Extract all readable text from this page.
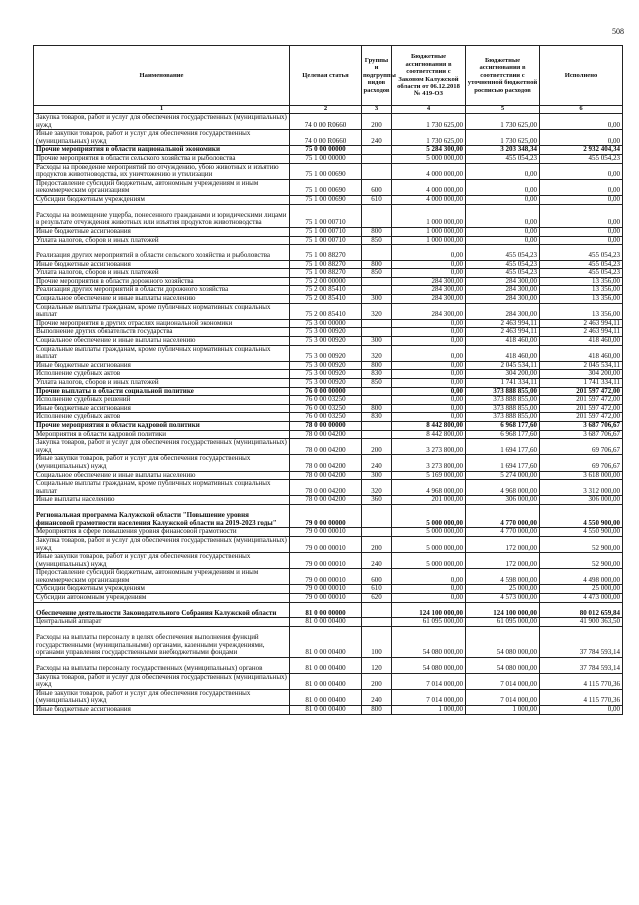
508
Наименование	Целевая статья	Группы и подгруппы видов расходов	Бюджетные ассигнования в соответствии с Законом Калужской области от 06.12.2018 № 419-ОЗ	Бюджетные ассигнования в соответствии с уточненной бюджетной росписью расходов	Исполнено
1	2	3	4	5	6
Закупка товаров, работ и услуг для обеспечения государственных (муниципальных) нужд	74 0 00 R0660	200	1 730 625,00	1 730 625,00	0,00
Иные закупки товаров, работ и услуг для обеспечения государственных (муниципальных) нужд	74 0 00 R0660	240	1 730 625,00	1 730 625,00	0,00
Прочие мероприятия в области национальной экономики	75 0 00 00000		5 284 300,00	3 203 348,34	2 932 404,34
Прочие мероприятия в области сельского хозяйства и рыболовства	75 1 00 00000		5 000 000,00	455 054,23	455 054,23
Расходы на проведение мероприятий по отчуждению, убою животных и изъятию продуктов животноводства, их уничтожению и утилизации	75 1 00 00690		4 000 000,00	0,00	0,00
Предоставление субсидий бюджетным, автономным учреждениям и иным некоммерческим организациям	75 1 00 00690	600	4 000 000,00	0,00	0,00
Субсидии бюджетным учреждениям	75 1 00 00690	610	4 000 000,00	0,00	0,00
Расходы на возмещение ущерба, понесенного гражданами и юридическими лицами в результате отчуждения животных или изъятия продуктов животноводства	75 1 00 00710		1 000 000,00	0,00	0,00
Иные бюджетные ассигнования	75 1 00 00710	800	1 000 000,00	0,00	0,00
Уплата налогов, сборов и иных платежей	75 1 00 00710	850	1 000 000,00	0,00	0,00
Реализация других мероприятий в области сельского хозяйства и рыболовства	75 1 00 88270		0,00	455 054,23	455 054,23
Иные бюджетные ассигнования	75 1 00 88270	800	0,00	455 054,23	455 054,23
Уплата налогов, сборов и иных платежей	75 1 00 88270	850	0,00	455 054,23	455 054,23
Прочие мероприятия в области дорожного хозяйства	75 2 00 00000		284 300,00	284 300,00	13 356,00
Реализация других мероприятий в области дорожного хозяйства	75 2 00 85410		284 300,00	284 300,00	13 356,00
Социальное обеспечение и иные выплаты населению	75 2 00 85410	300	284 300,00	284 300,00	13 356,00
Социальные выплаты гражданам, кроме публичных нормативных социальных выплат	75 2 00 85410	320	284 300,00	284 300,00	13 356,00
Прочие мероприятия в других отраслях национальной экономики	75 3 00 00000		0,00	2 463 994,11	2 463 994,11
Выполнение других обязательств государства	75 3 00 00920		0,00	2 463 994,11	2 463 994,11
Социальное обеспечение и иные выплаты населению	75 3 00 00920	300	0,00	418 460,00	418 460,00
Социальные выплаты гражданам, кроме публичных нормативных социальных выплат	75 3 00 00920	320	0,00	418 460,00	418 460,00
Иные бюджетные ассигнования	75 3 00 00920	800	0,00	2 045 534,11	2 045 534,11
Исполнение судебных актов	75 3 00 00920	830	0,00	304 200,00	304 200,00
Уплата налогов, сборов и иных платежей	75 3 00 00920	850	0,00	1 741 334,11	1 741 334,11
Прочие выплаты в области социальной политике	76 0 00 00000		0,00	373 888 855,00	201 597 472,00
Исполнение судебных решений	76 0 00 03250		0,00	373 888 855,00	201 597 472,00
Иные бюджетные ассигнования	76 0 00 03250	800	0,00	373 888 855,00	201 597 472,00
Исполнение судебных актов	76 0 00 03250	830	0,00	373 888 855,00	201 597 472,00
Прочие мероприятия в области кадровой политики	78 0 00 00000		8 442 800,00	6 968 177,60	3 687 706,67
Мероприятия в области кадровой политики	78 0 00 04200		8 442 800,00	6 968 177,60	3 687 706,67
Закупка товаров, работ и услуг для обеспечения государственных (муниципальных) нужд	78 0 00 04200	200	3 273 800,00	1 694 177,60	69 706,67
Иные закупки товаров, работ и услуг для обеспечения государственных (муниципальных) нужд	78 0 00 04200	240	3 273 800,00	1 694 177,60	69 706,67
Социальное обеспечение и иные выплаты населению	78 0 00 04200	300	5 169 000,00	5 274 000,00	3 618 000,00
Социальные выплаты гражданам, кроме публичных нормативных социальных выплат	78 0 00 04200	320	4 968 000,00	4 968 000,00	3 312 000,00
Иные выплаты населению	78 0 00 04200	360	201 000,00	306 000,00	306 000,00
Региональная программа Калужской области "Повышение уровня финансовой грамотности населения Калужской области на 2019-2023 годы"	79 0 00 00000		5 000 000,00	4 770 000,00	4 550 900,00
Мероприятия в сфере повышения уровня финансовой грамотности	79 0 00 00010		5 000 000,00	4 770 000,00	4 550 900,00
Закупка товаров, работ и услуг для обеспечения государственных (муниципальных) нужд	79 0 00 00010	200	5 000 000,00	172 000,00	52 900,00
Иные закупки товаров, работ и услуг для обеспечения государственных (муниципальных) нужд	79 0 00 00010	240	5 000 000,00	172 000,00	52 900,00
Предоставление субсидий бюджетным, автономным учреждениям и иным некоммерческим организациям	79 0 00 00010	600	0,00	4 598 000,00	4 498 000,00
Субсидии бюджетным учреждениям	79 0 00 00010	610	0,00	25 000,00	25 000,00
Субсидии автономным учреждениям	79 0 00 00010	620	0,00	4 573 000,00	4 473 000,00
Обеспечение деятельности Законодательного Собрания Калужской области	81 0 00 00000		124 100 000,00	124 100 000,00	80 012 659,84
Центральный аппарат	81 0 00 00400		61 095 000,00	61 095 000,00	41 900 363,50
Расходы на выплаты персоналу в целях обеспечения выполнения функций государственными (муниципальными) органами, казенными учреждениями, органами управления государственными внебюджетными фондами	81 0 00 00400	100	54 080 000,00	54 080 000,00	37 784 593,14
Расходы на выплаты персоналу государственных (муниципальных) органов	81 0 00 00400	120	54 080 000,00	54 080 000,00	37 784 593,14
Закупка товаров, работ и услуг для обеспечения государственных (муниципальных) нужд	81 0 00 00400	200	7 014 000,00	7 014 000,00	4 115 770,36
Иные закупки товаров, работ и услуг для обеспечения государственных (муниципальных) нужд	81 0 00 00400	240	7 014 000,00	7 014 000,00	4 115 770,36
Иные бюджетные ассигнования	81 0 00 00400	800	1 000,00	1 000,00	0,00
